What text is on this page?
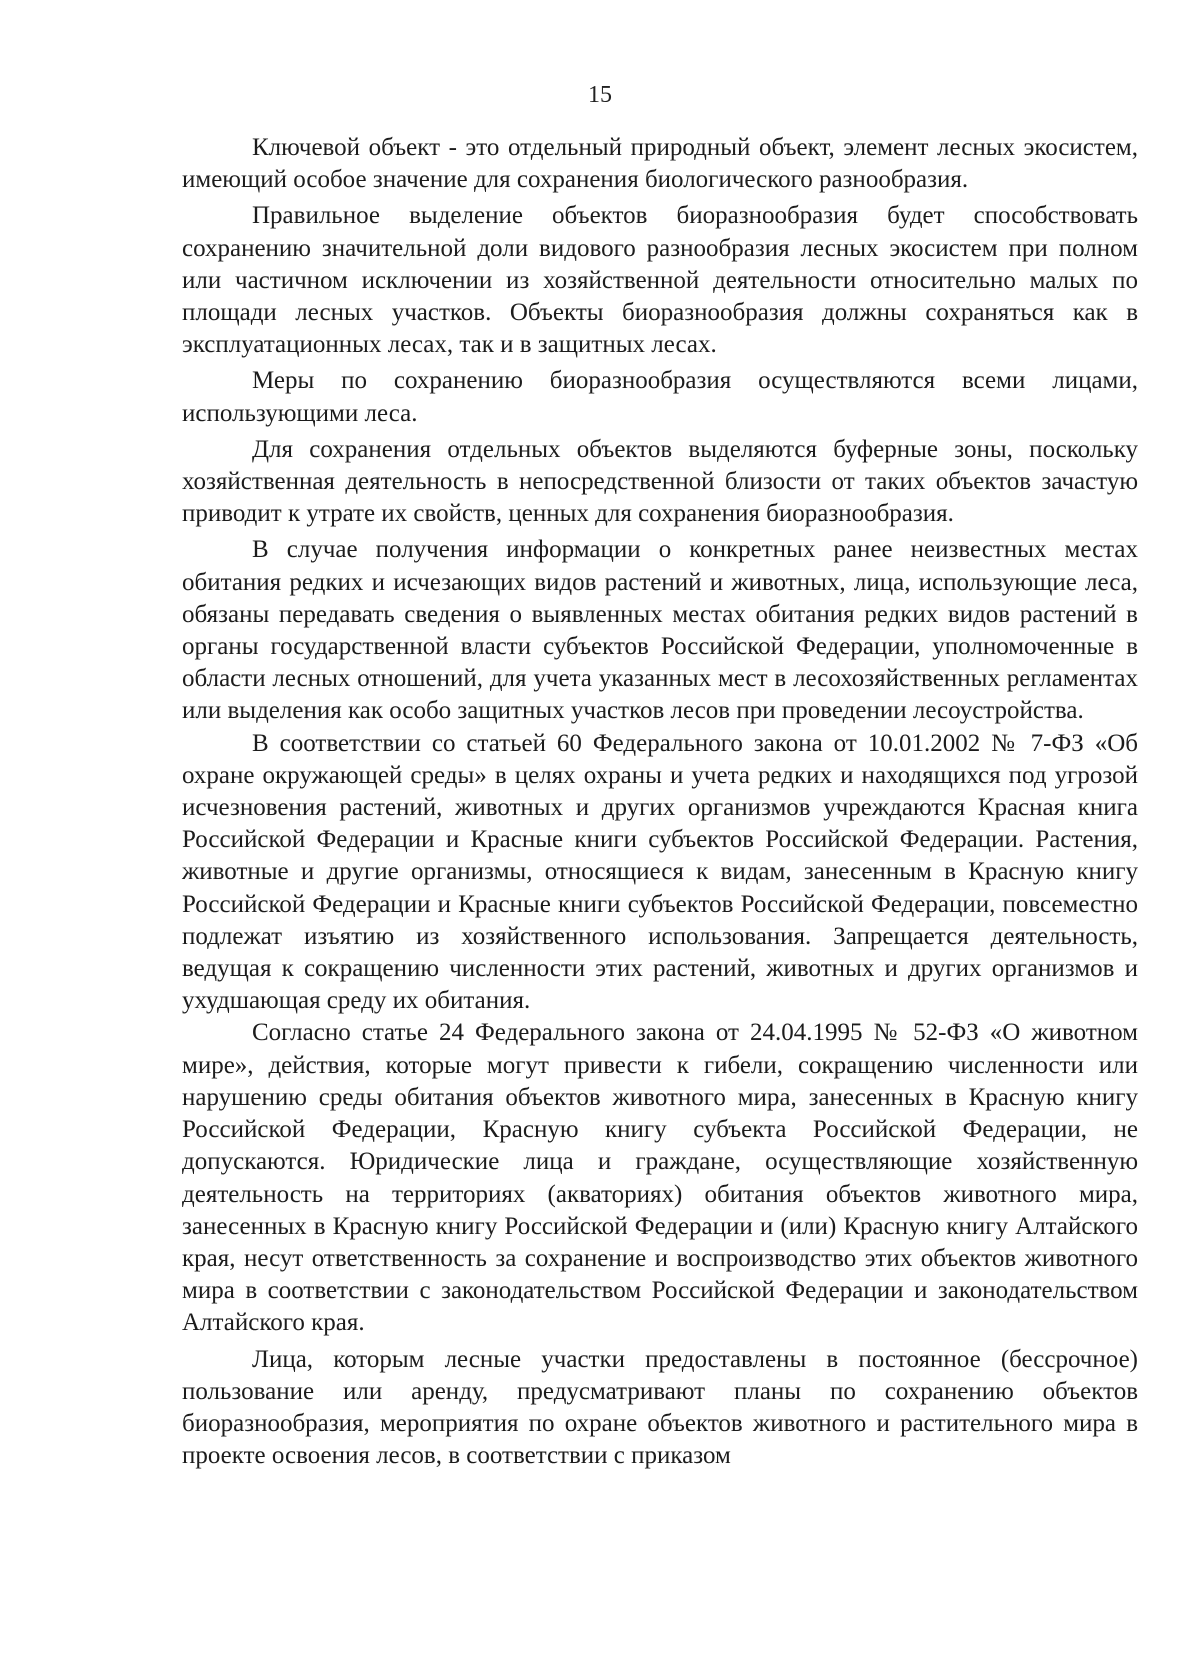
15

Ключевой объект - это отдельный природный объект, элемент лесных экосистем, имеющий особое значение для сохранения биологического разнообразия.

Правильное выделение объектов биоразнообразия будет способствовать сохранению значительной доли видового разнообразия лесных экосистем при полном или частичном исключении из хозяйственной деятельности относительно малых по площади лесных участков. Объекты биоразнообразия должны сохраняться как в эксплуатационных лесах, так и в защитных лесах.

Меры по сохранению биоразнообразия осуществляются всеми лицами, использующими леса.

Для сохранения отдельных объектов выделяются буферные зоны, поскольку хозяйственная деятельность в непосредственной близости от таких объектов зачастую приводит к утрате их свойств, ценных для сохранения биоразнообразия.

В случае получения информации о конкретных ранее неизвестных местах обитания редких и исчезающих видов растений и животных, лица, использующие леса, обязаны передавать сведения о выявленных местах обитания редких видов растений в органы государственной власти субъектов Российской Федерации, уполномоченные в области лесных отношений, для учета указанных мест в лесохозяйственных регламентах или выделения как особо защитных участков лесов при проведении лесоустройства.

В соответствии со статьей 60 Федерального закона от 10.01.2002 № 7-ФЗ «Об охране окружающей среды» в целях охраны и учета редких и находящихся под угрозой исчезновения растений, животных и других организмов учреждаются Красная книга Российской Федерации и Красные книги субъектов Российской Федерации. Растения, животные и другие организмы, относящиеся к видам, занесенным в Красную книгу Российской Федерации и Красные книги субъектов Российской Федерации, повсеместно подлежат изъятию из хозяйственного использования. Запрещается деятельность, ведущая к сокращению численности этих растений, животных и других организмов и ухудшающая среду их обитания.

Согласно статье 24 Федерального закона от 24.04.1995 № 52-ФЗ «О животном мире», действия, которые могут привести к гибели, сокращению численности или нарушению среды обитания объектов животного мира, занесенных в Красную книгу Российской Федерации, Красную книгу субъекта Российской Федерации, не допускаются. Юридические лица и граждане, осуществляющие хозяйственную деятельность на территориях (акваториях) обитания объектов животного мира, занесенных в Красную книгу Российской Федерации и (или) Красную книгу Алтайского края, несут ответственность за сохранение и воспроизводство этих объектов животного мира в соответствии с законодательством Российской Федерации и законодательством Алтайского края.

Лица, которым лесные участки предоставлены в постоянное (бессрочное) пользование или аренду, предусматривают планы по сохранению объектов биоразнообразия, мероприятия по охране объектов животного и растительного мира в проекте освоения лесов, в соответствии с приказом
